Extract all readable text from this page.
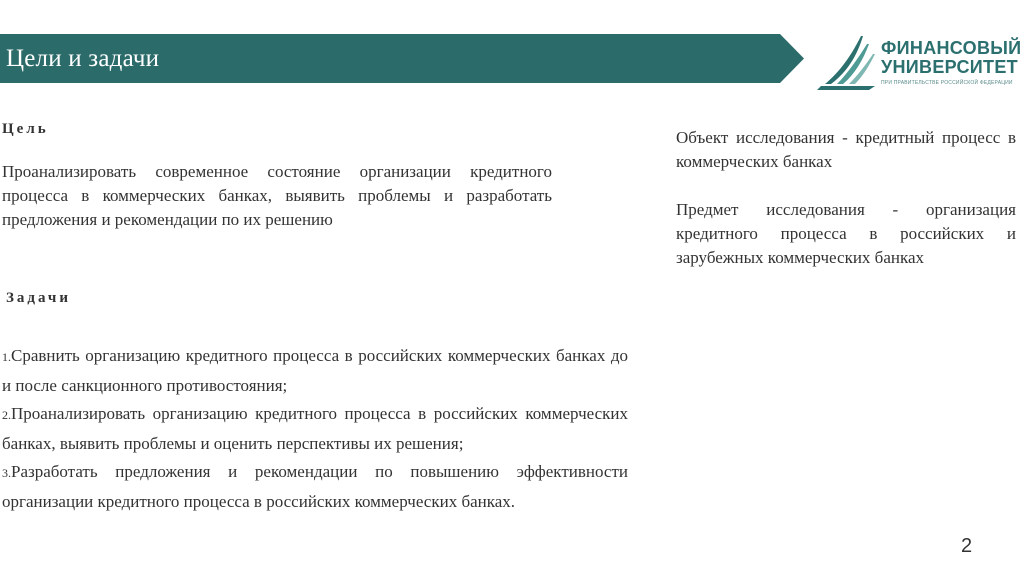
Цели и задачи	ФИНАНСОВЫЙ
УНИВЕРСИТЕТ
ПРИ ПРАВИТЕЛЬСТВЕ РОССИЙСКОЙ ФЕДЕРАЦИИ
Цель
Проанализировать современное состояние организации кредитного процесса в коммерческих банках, выявить проблемы и разработать предложения и рекомендации по их решению
Задачи
1.Сравнить организацию кредитного процесса в российских коммерческих банках до и после санкционного противостояния;
2.Проанализировать организацию кредитного процесса в российских коммерческих банках, выявить проблемы и оценить перспективы их решения;
3.Разработать предложения и рекомендации по повышению эффективности организации кредитного процесса в российских коммерческих банках.
Объект исследования - кредитный процесс в коммерческих банках
Предмет исследования - организация кредитного процесса в российских и зарубежных коммерческих банках
2
